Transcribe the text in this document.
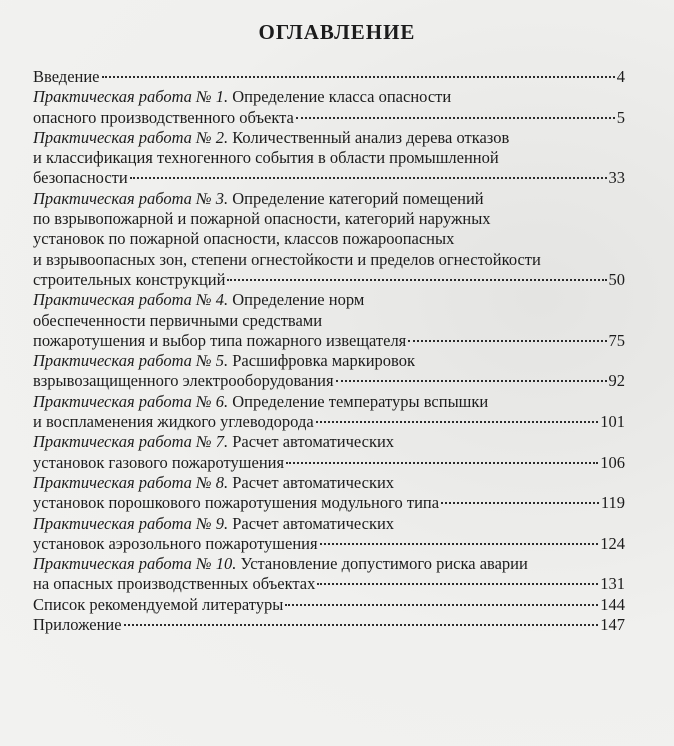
ОГЛАВЛЕНИЕ
Введение	4
Практическая работа № 1. Определение класса опасности
опасного производственного объекта	5
Практическая работа № 2. Количественный анализ дерева отказов
и классификация техногенного события в области промышленной
безопасности	33
Практическая работа № 3. Определение категорий помещений
по взрывопожарной и пожарной опасности, категорий наружных
установок по пожарной опасности, классов пожароопасных
и взрывоопасных зон, степени огнестойкости и пределов огнестойкости
строительных конструкций	50
Практическая работа № 4. Определение норм
обеспеченности первичными средствами
пожаротушения и выбор типа пожарного извещателя	75
Практическая работа № 5. Расшифровка маркировок
взрывозащищенного электрооборудования	92
Практическая работа № 6. Определение температуры вспышки
и воспламенения жидкого углеводорода	101
Практическая работа № 7. Расчет автоматических
установок газового пожаротушения	106
Практическая работа № 8. Расчет автоматических
установок порошкового пожаротушения модульного типа	119
Практическая работа № 9. Расчет автоматических
установок аэрозольного пожаротушения	124
Практическая работа № 10. Установление допустимого риска аварии
на опасных производственных объектах	131
Список рекомендуемой литературы	144
Приложение	147
